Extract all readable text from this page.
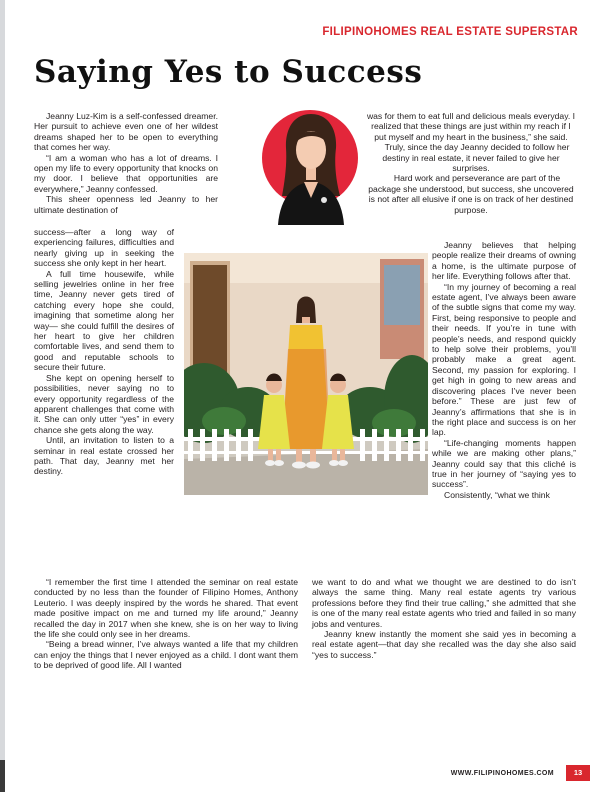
FILIPINOHOMES REAL ESTATE SUPERSTAR
Saying Yes to Success

Jeanny Luz-Kim is a self-confessed dreamer. Her pursuit to achieve even one of her wildest dreams shaped her to be open to everything that comes her way.

“I am a woman who has a lot of dreams. I open my life to every opportunity that knocks on my door. I believe that opportunities are everywhere,” Jeanny confessed.

This sheer openness led Jeanny to her ultimate destination of

success—after a long way of experiencing failures, difficulties and nearly giving up in seeking the success she only kept in her heart.

A full time housewife, while selling jewelries online in her free time, Jeanny never gets tired of catching every hope she could, imagining that sometime along her way— she could fulfill the desires of her heart to give her children comfortable lives, and send them to good and reputable schools to secure their future.

She kept on opening herself to possibilities, never saying no to every opportunity regardless of the apparent challenges that come with it. She can only utter “yes” in every chance she gets along the way.

Until, an invitation to listen to a seminar in real estate crossed her path. That day, Jeanny met her destiny.

was for them to eat full and delicious meals everyday. I realized that these things are just within my reach if I put myself and my heart in the business,” she said.

Truly, since the day Jeanny decided to follow her destiny in real estate, it never failed to give her surprises.

Hard work and perseverance are part of the package she understood, but success, she uncovered is not after all elusive if one is on track of her destined purpose.

Jeanny believes that helping people realize their dreams of owning a home, is the ultimate purpose of her life. Everything follows after that.

“In my journey of becoming a real estate agent, I’ve always been aware of the subtle signs that come my way. First, being responsive to people and their needs. If you’re in tune with people’s needs, and respond quickly to help solve their problems, you’ll probably make a great agent. Second, my passion for exploring. I get high in going to new areas and discovering places I’ve never been before.” These are just few of Jeanny’s affirmations that she is in the right place and success is on her lap.

“Life-changing moments happen while we are making other plans,” Jeanny could say that this cliché is true in her journey of “saying yes to success”.

Consistently, “what we think

“I remember the first time I attended the seminar on real estate conducted by no less than the founder of Filipino Homes, Anthony Leuterio. I was deeply inspired by the words he shared. That event made positive impact on me and turned my life around,” Jeanny recalled the day in 2017 when she knew, she is on her way to living the life she could only see in her dreams.

“Being a bread winner, I’ve always wanted a life that my children can enjoy the things that I never enjoyed as a child. I dont want them to be deprived of good life. All I wanted

we want to do and what we thought we are destined to do isn’t always the same thing. Many real estate agents try various professions before they find their true calling,” she admitted that she is one of the many real estate agents who tried and failed in so many jobs and ventures.

Jeanny knew instantly the moment she said yes in becoming a real estate agent—that day she recalled was the day she also said “yes to success.”

WWW.FILIPINOHOMES.COM	13
